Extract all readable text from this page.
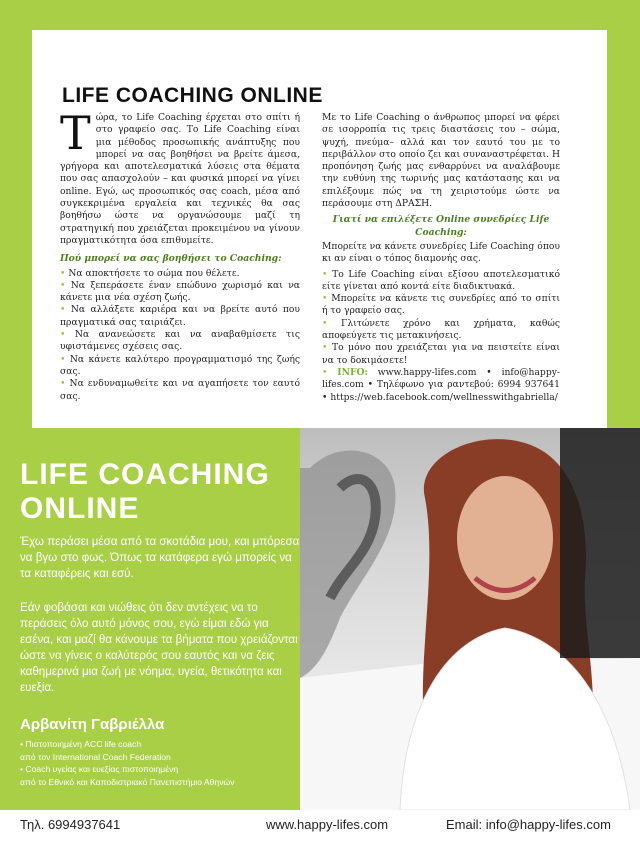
LIFE COACHING ONLINE

Τώρα, το Life Coaching έρχεται στο σπίτι ή στο γραφείο σας. Το Life Coaching είναι μια μέθοδος προσωπικής ανάπτυξης που μπορεί να σας βοηθήσει να βρείτε άμεσα, γρήγορα και αποτελεσματικά λύσεις στα θέματα που σας απασχολούν – και φυσικά μπορεί να γίνει online. Εγώ, ως προσωπικός σας coach, μέσα από συγκεκριμένα εργαλεία και τεχνικές θα σας βοηθήσω ώστε να οργανώσουμε μαζί τη στρατηγική που χρειάζεται προκειμένου να γίνουν πραγματικότητα όσα επιθυμείτε.

Πού μπορεί να σας βοηθήσει το Coaching:
• Να αποκτήσετε το σώμα που θέλετε.
• Να ξεπεράσετε έναν επώδυνο χωρισμό και να κάνετε μια νέα σχέση ζωής.
• Να αλλάξετε καριέρα και να βρείτε αυτό που πραγματικά σας ταιριάζει.
• Να ανανεώσετε και να αναβαθμίσετε τις υφιστάμενες σχέσεις σας.
• Να κάνετε καλύτερο προγραμματισμό της ζωής σας.
• Να ενδυναμωθείτε και να αγαπήσετε τον εαυτό σας.

Με το Life Coaching ο άνθρωπος μπορεί να φέρει σε ισορροπία τις τρεις διαστάσεις του – σώμα, ψυχή, πνεύμα– αλλά και τον εαυτό του με το περιβάλλον στο οποίο ζει και συναναστρέφεται. Η προπόνηση ζωής μας ενθαρρύνει να αναλάβουμε την ευθύνη της τωρινής μας κατάστασης και να επιλέξουμε πώς να τη χειριστούμε ώστε να περάσουμε στη ΔΡΑΣΗ.

Γιατί να επιλέξετε Online συνεδρίες Life Coaching:

Μπορείτε να κάνετε συνεδρίες Life Coaching όπου κι αν είναι ο τόπος διαμονής σας.

• Το Life Coaching είναι εξίσου αποτελεσματικό είτε γίνεται από κοντά είτε διαδικτυακά.
• Μπορείτε να κάνετε τις συνεδρίες από το σπίτι ή το γραφείο σας.
• Γλιτώνετε χρόνο και χρήματα, καθώς αποφεύγετε τις μετακινήσεις.
• Το μόνο που χρειάζεται για να πειστείτε είναι να το δοκιμάσετε!
• INFO: www.happy-lifes.com • info@happy-lifes.com • Τηλέφωνο για ραντεβού: 6994 937641 • https://web.facebook.com/wellnesswithgabriella/
LIFE COACHING
ONLINE
Έχω περάσει μέσα από τα σκοτάδια μου, και μπόρεσα να βγω στο φως. Όπως τα κατάφερα εγώ μπορείς να τα καταφέρεις και εσύ.
Εάν φοβάσαι και νιώθεις ότι δεν αντέχεις να το περάσεις όλο αυτό μόνος σου, εγώ είμαι εδώ για εσένα, και μαζί θα κάνουμε τα βήματα που χρειάζονται ώστε να γίνεις ο καλύτερός σου εαυτός και να ζεις καθημερινά μια ζωή με νόημα, υγεία, θετικότητα και ευεξία.
Αρβανίτη Γαβριέλλα
• Πιστοποιημένη ACC life coach
από τον International Coach Federation
• Coach υγείας και ευεξίας πιστοποιημένη
από το Εθνικό και Καποδιστριακό Πανεπιστήμιο Αθηνών
Τηλ. 6994937641	www.happy-lifes.com	Email: info@happy-lifes.com
